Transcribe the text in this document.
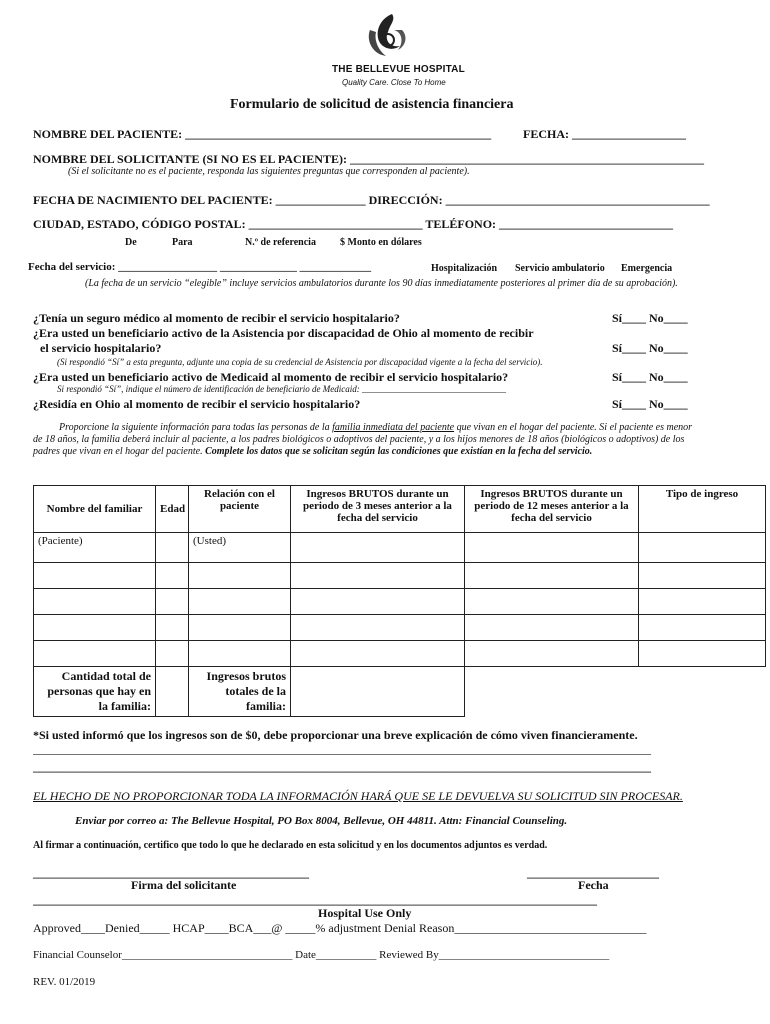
THE BELLEVUE HOSPITAL
Quality Care. Close To Home
Formulario de solicitud de asistencia financiera
NOMBRE DEL PACIENTE: ___________________________________________________	FECHA: ___________________
NOMBRE DEL SOLICITANTE (SI NO ES EL PACIENTE): ___________________________________________________________
(Si el solicitante no es el paciente, responda las siguientes preguntas que corresponden al paciente).
FECHA DE NACIMIENTO DEL PACIENTE: _______________ DIRECCIÓN: ____________________________________________
CIUDAD, ESTADO, CÓDIGO POSTAL: _____________________________ TELÉFONO: _____________________________
De	Para	N.º de referencia $ Monto en dólares
Fecha del servicio: __________________ ______________ _____________	Hospitalización Servicio ambulatorio Emergencia
(La fecha de un servicio “elegible” incluye servicios ambulatorios durante los 90 días inmediatamente posteriores al primer día de su aprobación).
¿Tenía un seguro médico al momento de recibir el servicio hospitalario?	Sí____ No____
¿Era usted un beneficiario activo de la Asistencia por discapacidad de Ohio al momento de recibir
el servicio hospitalario?	Sí____ No____
(Si respondió “Sí” a esta pregunta, adjunte una copia de su credencial de Asistencia por discapacidad vigente a la fecha del servicio).
¿Era usted un beneficiario activo de Medicaid al momento de recibir el servicio hospitalario?	Sí____ No____
Si respondió “Sí”, indique el número de identificación de beneficiario de Medicaid: ________________________________
¿Residía en Ohio al momento de recibir el servicio hospitalario?	Sí____ No____
Proporcione la siguiente información para todas las personas de la familia inmediata del paciente que vivan en el hogar del paciente. Si el paciente es menor de 18 años, la familia deberá incluir al paciente, a los padres biológicos o adoptivos del paciente, y a los hijos menores de 18 años (biológicos o adoptivos) de los padres que vivan en el hogar del paciente. Complete los datos que se solicitan según las condiciones que existían en la fecha del servicio.
Nombre del familiar	Edad	Relación con el paciente	Ingresos BRUTOS durante un periodo de 3 meses anterior a la fecha del servicio	Ingresos BRUTOS durante un periodo de 12 meses anterior a la fecha del servicio	Tipo de ingreso
(Paciente)		(Usted)			

Cantidad total de personas que hay en la familia:		Ingresos brutos totales de la familia:			
*Si usted informó que los ingresos son de $0, debe proporcionar una breve explicación de cómo viven financieramente.
_______________________________________________________________________________________________________
_______________________________________________________________________________________________________
EL HECHO DE NO PROPORCIONAR TODA LA INFORMACIÓN HARÁ QUE SE LE DEVUELVA SU SOLICITUD SIN PROCESAR.
Enviar por correo a: The Bellevue Hospital, PO Box 8004, Bellevue, OH 44811. Attn: Financial Counseling.
Al firmar a continuación, certifico que todo lo que he declarado en esta solicitud y en los documentos adjuntos es verdad.
______________________________________________	______________________
Firma del solicitante	Fecha
______________________________________________________________________________________________
Hospital Use Only
Approved____Denied_____ HCAP____BCA___@ _____% adjustment Denial Reason________________________________
Financial Counselor_______________________________ Date___________ Reviewed By_______________________________
REV. 01/2019
